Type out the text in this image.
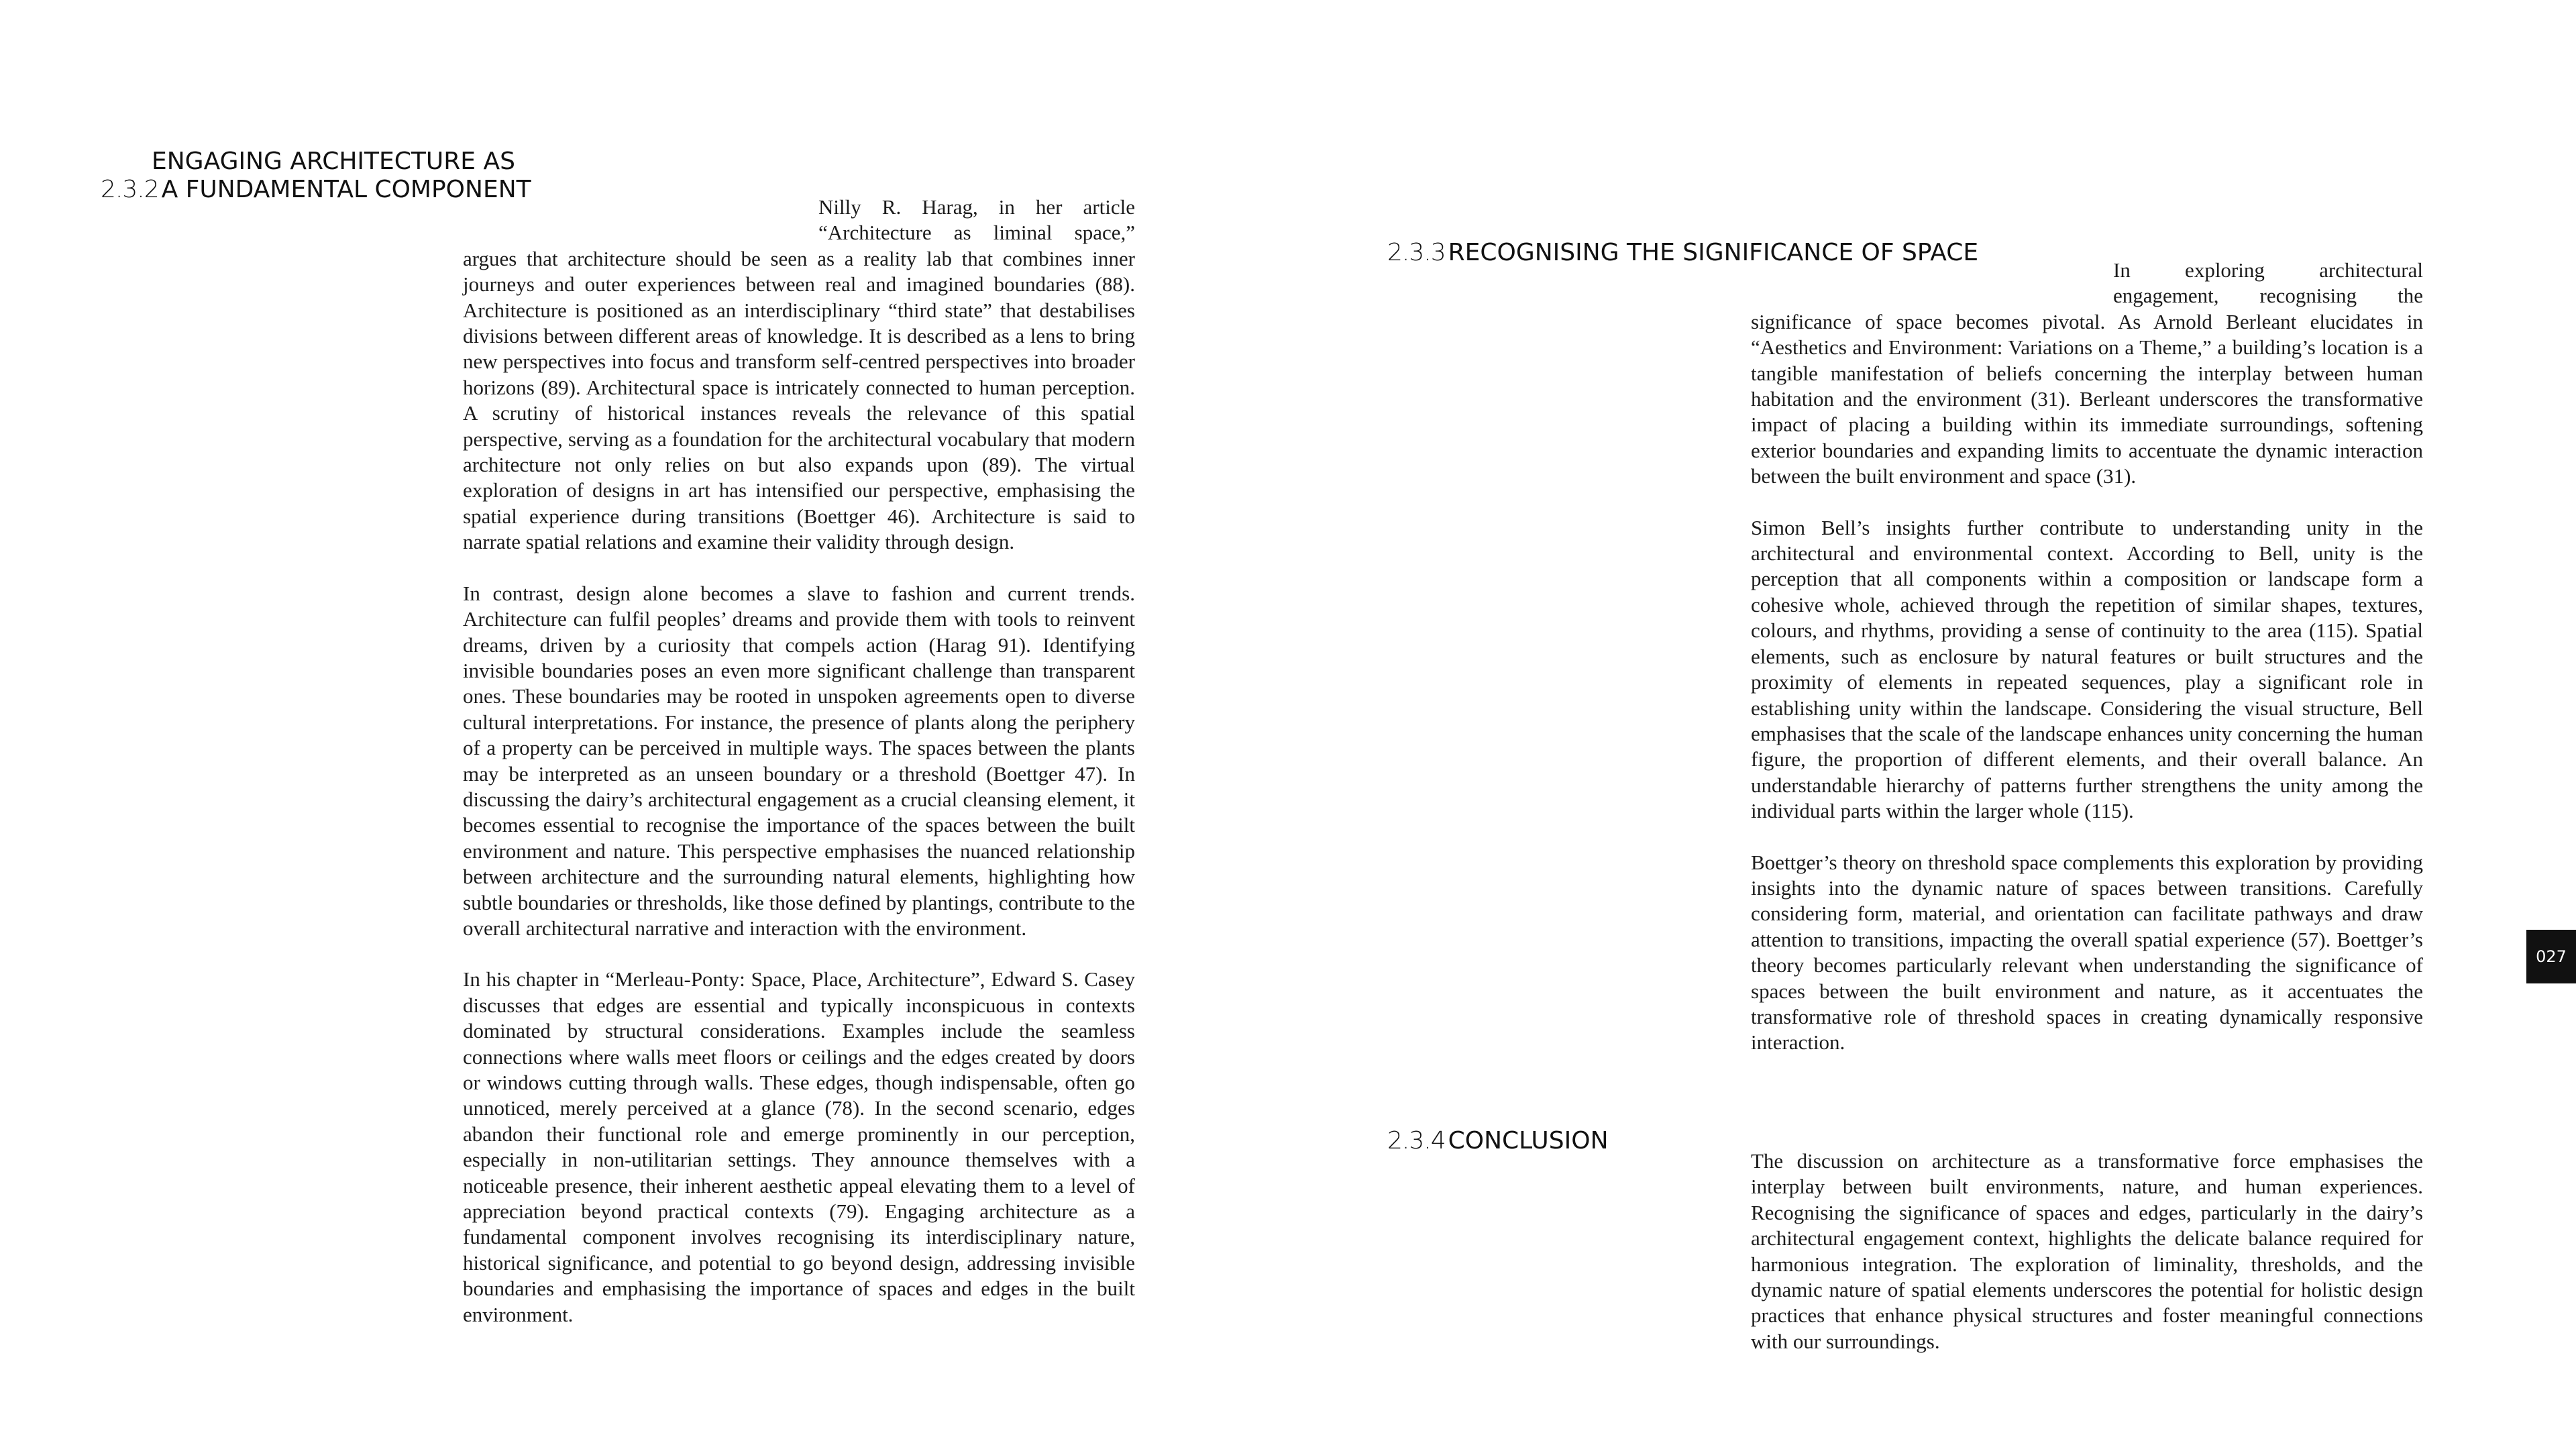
ENGAGING ARCHITECTURE AS
2.3.2 A FUNDAMENTAL COMPONENT

Nilly R. Harag, in her article “Architecture as liminal space,” argues that architecture should be seen as a reality lab that combines inner journeys and outer experiences between real and imagined boundaries (88). Architecture is positioned as an interdisciplinary “third state” that destabilises divisions between different areas of knowledge. It is described as a lens to bring new perspectives into focus and transform self-centred perspectives into broader horizons (89). Architectural space is intricately connected to human perception. A scrutiny of historical instances reveals the relevance of this spatial perspective, serving as a foundation for the architectural vocabulary that modern architecture not only relies on but also expands upon (89). The virtual exploration of designs in art has intensified our perspective, emphasising the spatial experience during transitions (Boettger 46). Architecture is said to narrate spatial relations and examine their validity through design.

In contrast, design alone becomes a slave to fashion and current trends. Architecture can fulfil peoples’ dreams and provide them with tools to reinvent dreams, driven by a curiosity that compels action (Harag 91). Identifying invisible boundaries poses an even more significant challenge than transparent ones. These boundaries may be rooted in unspoken agreements open to diverse cultural interpretations. For instance, the presence of plants along the periphery of a property can be perceived in multiple ways. The spaces between the plants may be interpreted as an unseen boundary or a threshold (Boettger 47). In discussing the dairy’s architectural engagement as a crucial cleansing element, it becomes essential to recognise the importance of the spaces between the built environment and nature. This perspective emphasises the nuanced relationship between architecture and the surrounding natural elements, highlighting how subtle boundaries or thresholds, like those defined by plantings, contribute to the overall architectural narrative and interaction with the environment.

In his chapter in “Merleau-Ponty: Space, Place, Architecture”, Edward S. Casey discusses that edges are essential and typically inconspicuous in contexts dominated by structural considerations. Examples include the seamless connections where walls meet floors or ceilings and the edges created by doors or windows cutting through walls. These edges, though indispensable, often go unnoticed, merely perceived at a glance (78). In the second scenario, edges abandon their functional role and emerge prominently in our perception, especially in non-utilitarian settings. They announce themselves with a noticeable presence, their inherent aesthetic appeal elevating them to a level of appreciation beyond practical contexts (79). Engaging architecture as a fundamental component involves recognising its interdisciplinary nature, historical significance, and potential to go beyond design, addressing invisible boundaries and emphasising the importance of spaces and edges in the built environment.

2.3.3 RECOGNISING THE SIGNIFICANCE OF SPACE

In exploring architectural engagement, recognising the significance of space becomes pivotal. As Arnold Berleant elucidates in “Aesthetics and Environment: Variations on a Theme,” a building’s location is a tangible manifestation of beliefs concerning the interplay between human habitation and the environment (31). Berleant underscores the transformative impact of placing a building within its immediate surroundings, softening exterior boundaries and expanding limits to accentuate the dynamic interaction between the built environment and space (31).

Simon Bell’s insights further contribute to understanding unity in the architectural and environmental context. According to Bell, unity is the perception that all components within a composition or landscape form a cohesive whole, achieved through the repetition of similar shapes, textures, colours, and rhythms, providing a sense of continuity to the area (115). Spatial elements, such as enclosure by natural features or built structures and the proximity of elements in repeated sequences, play a significant role in establishing unity within the landscape. Considering the visual structure, Bell emphasises that the scale of the landscape enhances unity concerning the human figure, the proportion of different elements, and their overall balance. An understandable hierarchy of patterns further strengthens the unity among the individual parts within the larger whole (115).

Boettger’s theory on threshold space complements this exploration by providing insights into the dynamic nature of spaces between transitions. Carefully considering form, material, and orientation can facilitate pathways and draw attention to transitions, impacting the overall spatial experience (57). Boettger’s theory becomes particularly relevant when understanding the significance of spaces between the built environment and nature, as it accentuates the transformative role of threshold spaces in creating dynamically responsive interaction.

2.3.4 CONCLUSION

The discussion on architecture as a transformative force emphasises the interplay between built environments, nature, and human experiences. Recognising the significance of spaces and edges, particularly in the dairy’s architectural engagement context, highlights the delicate balance required for harmonious integration. The exploration of liminality, thresholds, and the dynamic nature of spatial elements underscores the potential for holistic design practices that enhance physical structures and foster meaningful connections with our surroundings.

027
